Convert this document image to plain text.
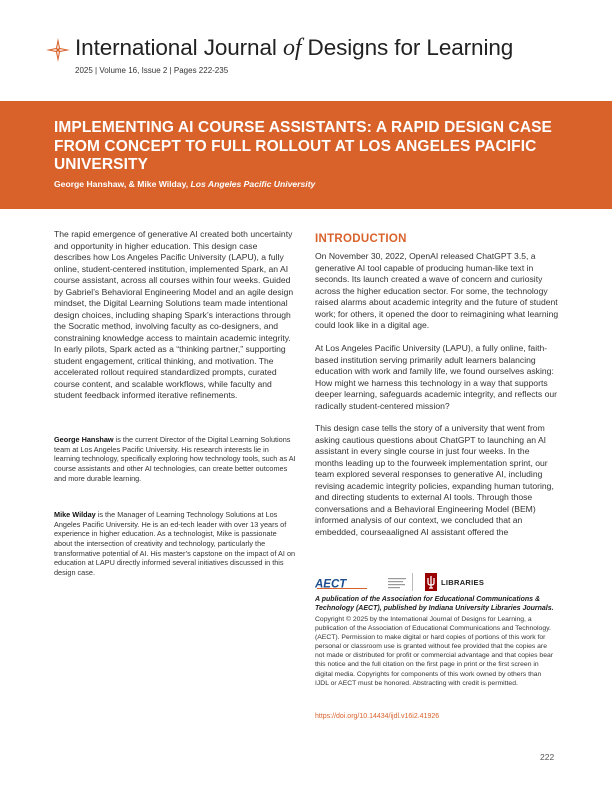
International Journal of Designs for Learning
2025 | Volume 16, Issue 2 | Pages 222-235
IMPLEMENTING AI COURSE ASSISTANTS: A RAPID DESIGN CASE FROM CONCEPT TO FULL ROLLOUT AT LOS ANGELES PACIFIC UNIVERSITY
George Hanshaw, & Mike Wilday, Los Angeles Pacific University

The rapid emergence of generative AI created both uncertainty and opportunity in higher education. This design case describes how Los Angeles Pacific University (LAPU), a fully online, student-centered institution, implemented Spark, an AI course assistant, across all courses within four weeks. Guided by Gabriel’s Behavioral Engineering Model and an agile design mindset, the Digital Learning Solutions team made intentional design choices, including shaping Spark’s interactions through the Socratic method, involving faculty as co-designers, and constraining knowledge access to maintain academic integrity. In early pilots, Spark acted as a “thinking partner,” supporting student engagement, critical thinking, and motivation. The accelerated rollout required standardized prompts, curated course content, and scalable workflows, while faculty and student feedback informed iterative refinements.

George Hanshaw is the current Director of the Digital Learning Solutions team at Los Angeles Pacific University. His research interests lie in learning technology, specifically exploring how technology tools, such as AI course assistants and other AI technologies, can create better outcomes and more durable learning.

Mike Wilday is the Manager of Learning Technology Solutions at Los Angeles Pacific University. He is an ed-tech leader with over 13 years of experience in higher education. As a technologist, Mike is passionate about the intersection of creativity and technology, particularly the transformative potential of AI. His master’s capstone on the impact of AI on education at LAPU directly informed several initiatives discussed in this design case.

INTRODUCTION

On November 30, 2022, OpenAI released ChatGPT 3.5, a generative AI tool capable of producing human-like text in seconds. Its launch created a wave of concern and curiosity across the higher education sector. For some, the technology raised alarms about academic integrity and the future of student work; for others, it opened the door to reimagining what learning could look like in a digital age.

At Los Angeles Pacific University (LAPU), a fully online, faith-based institution serving primarily adult learners balancing education with work and family life, we found ourselves asking: How might we harness this technology in a way that supports deeper learning, safeguards academic integrity, and reflects our radically student-centered mission?

This design case tells the story of a university that went from asking cautious questions about ChatGPT to launching an AI assistant in every single course in just four weeks. In the months leading up to the fourweek implementation sprint, our team explored several responses to generative AI, including revising academic integrity policies, expanding human tutoring, and directing students to external AI tools. Through those conversations and a Behavioral Engineering Model (BEM) informed analysis of our context, we concluded that an embedded, courseaaligned AI assistant offered the

AECT	LIBRARIES

A publication of the Association for Educational Communications & Technology (AECT), published by Indiana University Libraries Journals.

Copyright © 2025 by the International Journal of Designs for Learning, a publication of the Association of Educational Communications and Technology. (AECT). Permission to make digital or hard copies of portions of this work for personal or classroom use is granted without fee provided that the copies are not made or distributed for profit or commercial advantage and that copies bear this notice and the full citation on the first page in print or the first screen in digital media. Copyrights for components of this work owned by others than IJDL or AECT must be honored. Abstracting with credit is permitted.

https://doi.org/10.14434/ijdl.v16i2.41926
222
